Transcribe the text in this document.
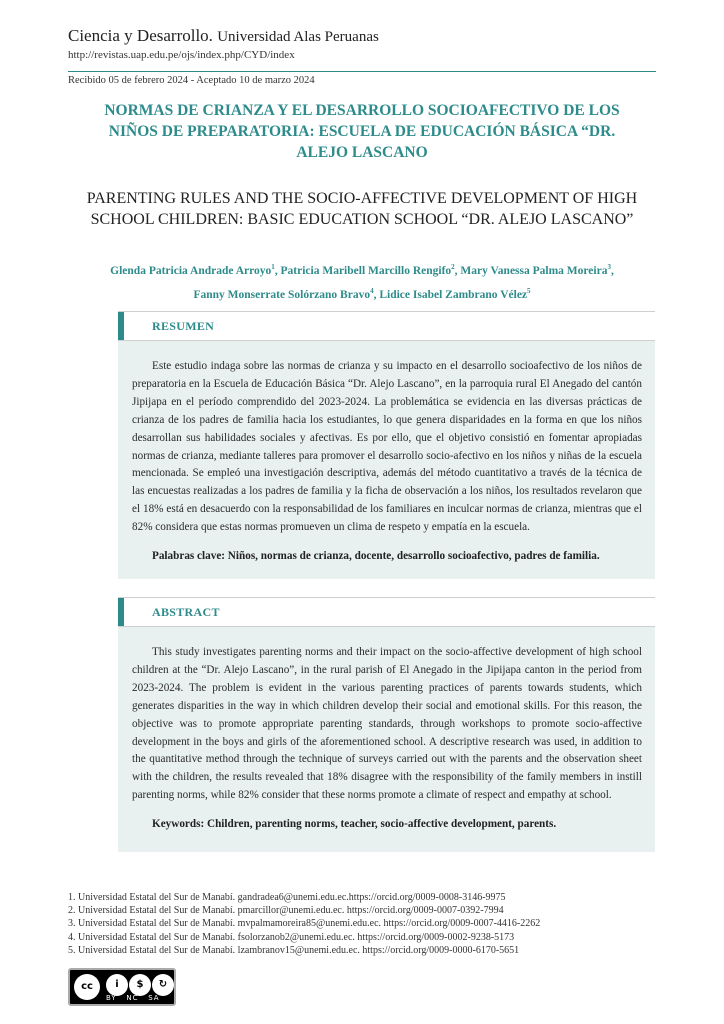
Ciencia y Desarrollo. Universidad Alas Peruanas
http://revistas.uap.edu.pe/ojs/index.php/CYD/index
Recibido 05 de febrero 2024 - Aceptado 10 de marzo 2024
NORMAS DE CRIANZA Y EL DESARROLLO SOCIOAFECTIVO DE LOS NIÑOS DE PREPARATORIA: ESCUELA DE EDUCACIÓN BÁSICA “DR. ALEJO LASCANO
PARENTING RULES AND THE SOCIO-AFFECTIVE DEVELOPMENT OF HIGH SCHOOL CHILDREN: BASIC EDUCATION SCHOOL “DR. ALEJO LASCANO”
Glenda Patricia Andrade Arroyo$^1$, Patricia Maribell Marcillo Rengifo$^2$, Mary Vanessa Palma Moreira$^3$,
Fanny Monserrate Solórzano Bravo$^4$, Lidice Isabel Zambrano Vélez$^5$
RESUMEN

Este estudio indaga sobre las normas de crianza y su impacto en el desarrollo socioafectivo de los niños de preparatoria en la Escuela de Educación Básica “Dr. Alejo Lascano”, en la parroquia rural El Anegado del cantón Jipijapa en el período comprendido del 2023-2024. La problemática se evidencia en las diversas prácticas de crianza de los padres de familia hacia los estudiantes, lo que genera disparidades en la forma en que los niños desarrollan sus habilidades sociales y afectivas. Es por ello, que el objetivo consistió en fomentar apropiadas normas de crianza, mediante talleres para promover el desarrollo socio-afectivo en los niños y niñas de la escuela mencionada. Se empleó una investigación descriptiva, además del método cuantitativo a través de la técnica de las encuestas realizadas a los padres de familia y la ficha de observación a los niños, los resultados revelaron que el 18% está en desacuerdo con la responsabilidad de los familiares en inculcar normas de crianza, mientras que el 82% considera que estas normas promueven un clima de respeto y empatía en la escuela.

Palabras clave: Niños, normas de crianza, docente, desarrollo socioafectivo, padres de familia.
ABSTRACT

This study investigates parenting norms and their impact on the socio-affective development of high school children at the “Dr. Alejo Lascano”, in the rural parish of El Anegado in the Jipijapa canton in the period from 2023-2024. The problem is evident in the various parenting practices of parents towards students, which generates disparities in the way in which children develop their social and emotional skills. For this reason, the objective was to promote appropriate parenting standards, through workshops to promote socio-affective development in the boys and girls of the aforementioned school. A descriptive research was used, in addition to the quantitative method through the technique of surveys carried out with the parents and the observation sheet with the children, the results revealed that 18% disagree with the responsibility of the family members in instill parenting norms, while 82% consider that these norms promote a climate of respect and empathy at school.

Keywords: Children, parenting norms, teacher, socio-affective development, parents.
1. Universidad Estatal del Sur de Manabí. gandradea6@unemi.edu.ec.https://orcid.org/0009-0008-3146-9975
2. Universidad Estatal del Sur de Manabí. pmarcillor@unemi.edu.ec. https://orcid.org/0009-0007-0392-7994
3. Universidad Estatal del Sur de Manabí. mvpalmamoreira85@unemi.edu.ec. https://orcid.org/0009-0007-4416-2262
4. Universidad Estatal del Sur de Manabí. fsolorzanob2@unemi.edu.ec. https://orcid.org/0009-0002-9238-5173
5. Universidad Estatal del Sur de Manabí. lzambranov15@unemi.edu.ec. https://orcid.org/0009-0000-6170-5651
cc	i	$	↻
BY NC SA
